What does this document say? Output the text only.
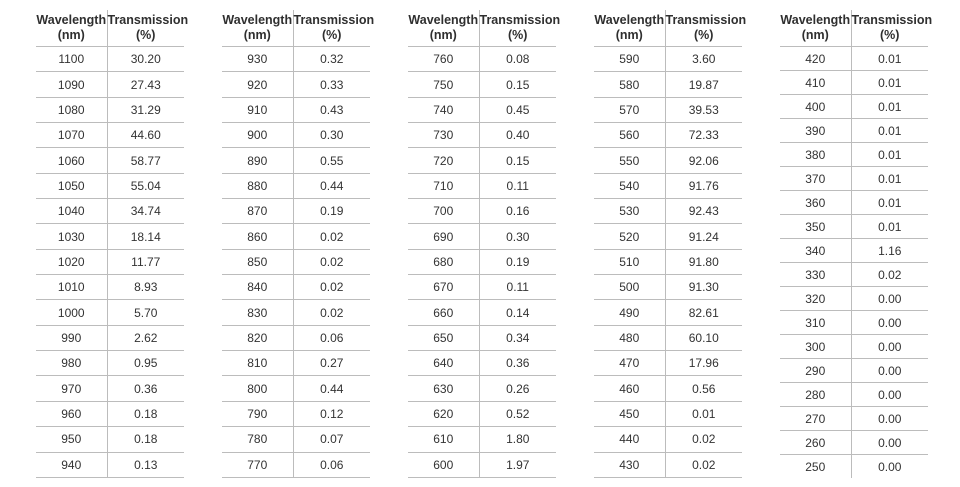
Wavelength
(nm)	Transmission
(%)

1100	30.20
1090	27.43
1080	31.29
1070	44.60
1060	58.77
1050	55.04
1040	34.74
1030	18.14
1020	11.77
1010	8.93
1000	5.70
990	2.62
980	0.95
970	0.36
960	0.18
950	0.18
940	0.13
Wavelength
(nm)	Transmission
(%)

930	0.32
920	0.33
910	0.43
900	0.30
890	0.55
880	0.44
870	0.19
860	0.02
850	0.02
840	0.02
830	0.02
820	0.06
810	0.27
800	0.44
790	0.12
780	0.07
770	0.06
Wavelength
(nm)	Transmission
(%)

760	0.08
750	0.15
740	0.45
730	0.40
720	0.15
710	0.11
700	0.16
690	0.30
680	0.19
670	0.11
660	0.14
650	0.34
640	0.36
630	0.26
620	0.52
610	1.80
600	1.97
Wavelength
(nm)	Transmission
(%)

590	3.60
580	19.87
570	39.53
560	72.33
550	92.06
540	91.76
530	92.43
520	91.24
510	91.80
500	91.30
490	82.61
480	60.10
470	17.96
460	0.56
450	0.01
440	0.02
430	0.02
Wavelength
(nm)	Transmission
(%)

420	0.01
410	0.01
400	0.01
390	0.01
380	0.01
370	0.01
360	0.01
350	0.01
340	1.16
330	0.02
320	0.00
310	0.00
300	0.00
290	0.00
280	0.00
270	0.00
260	0.00
250	0.00
